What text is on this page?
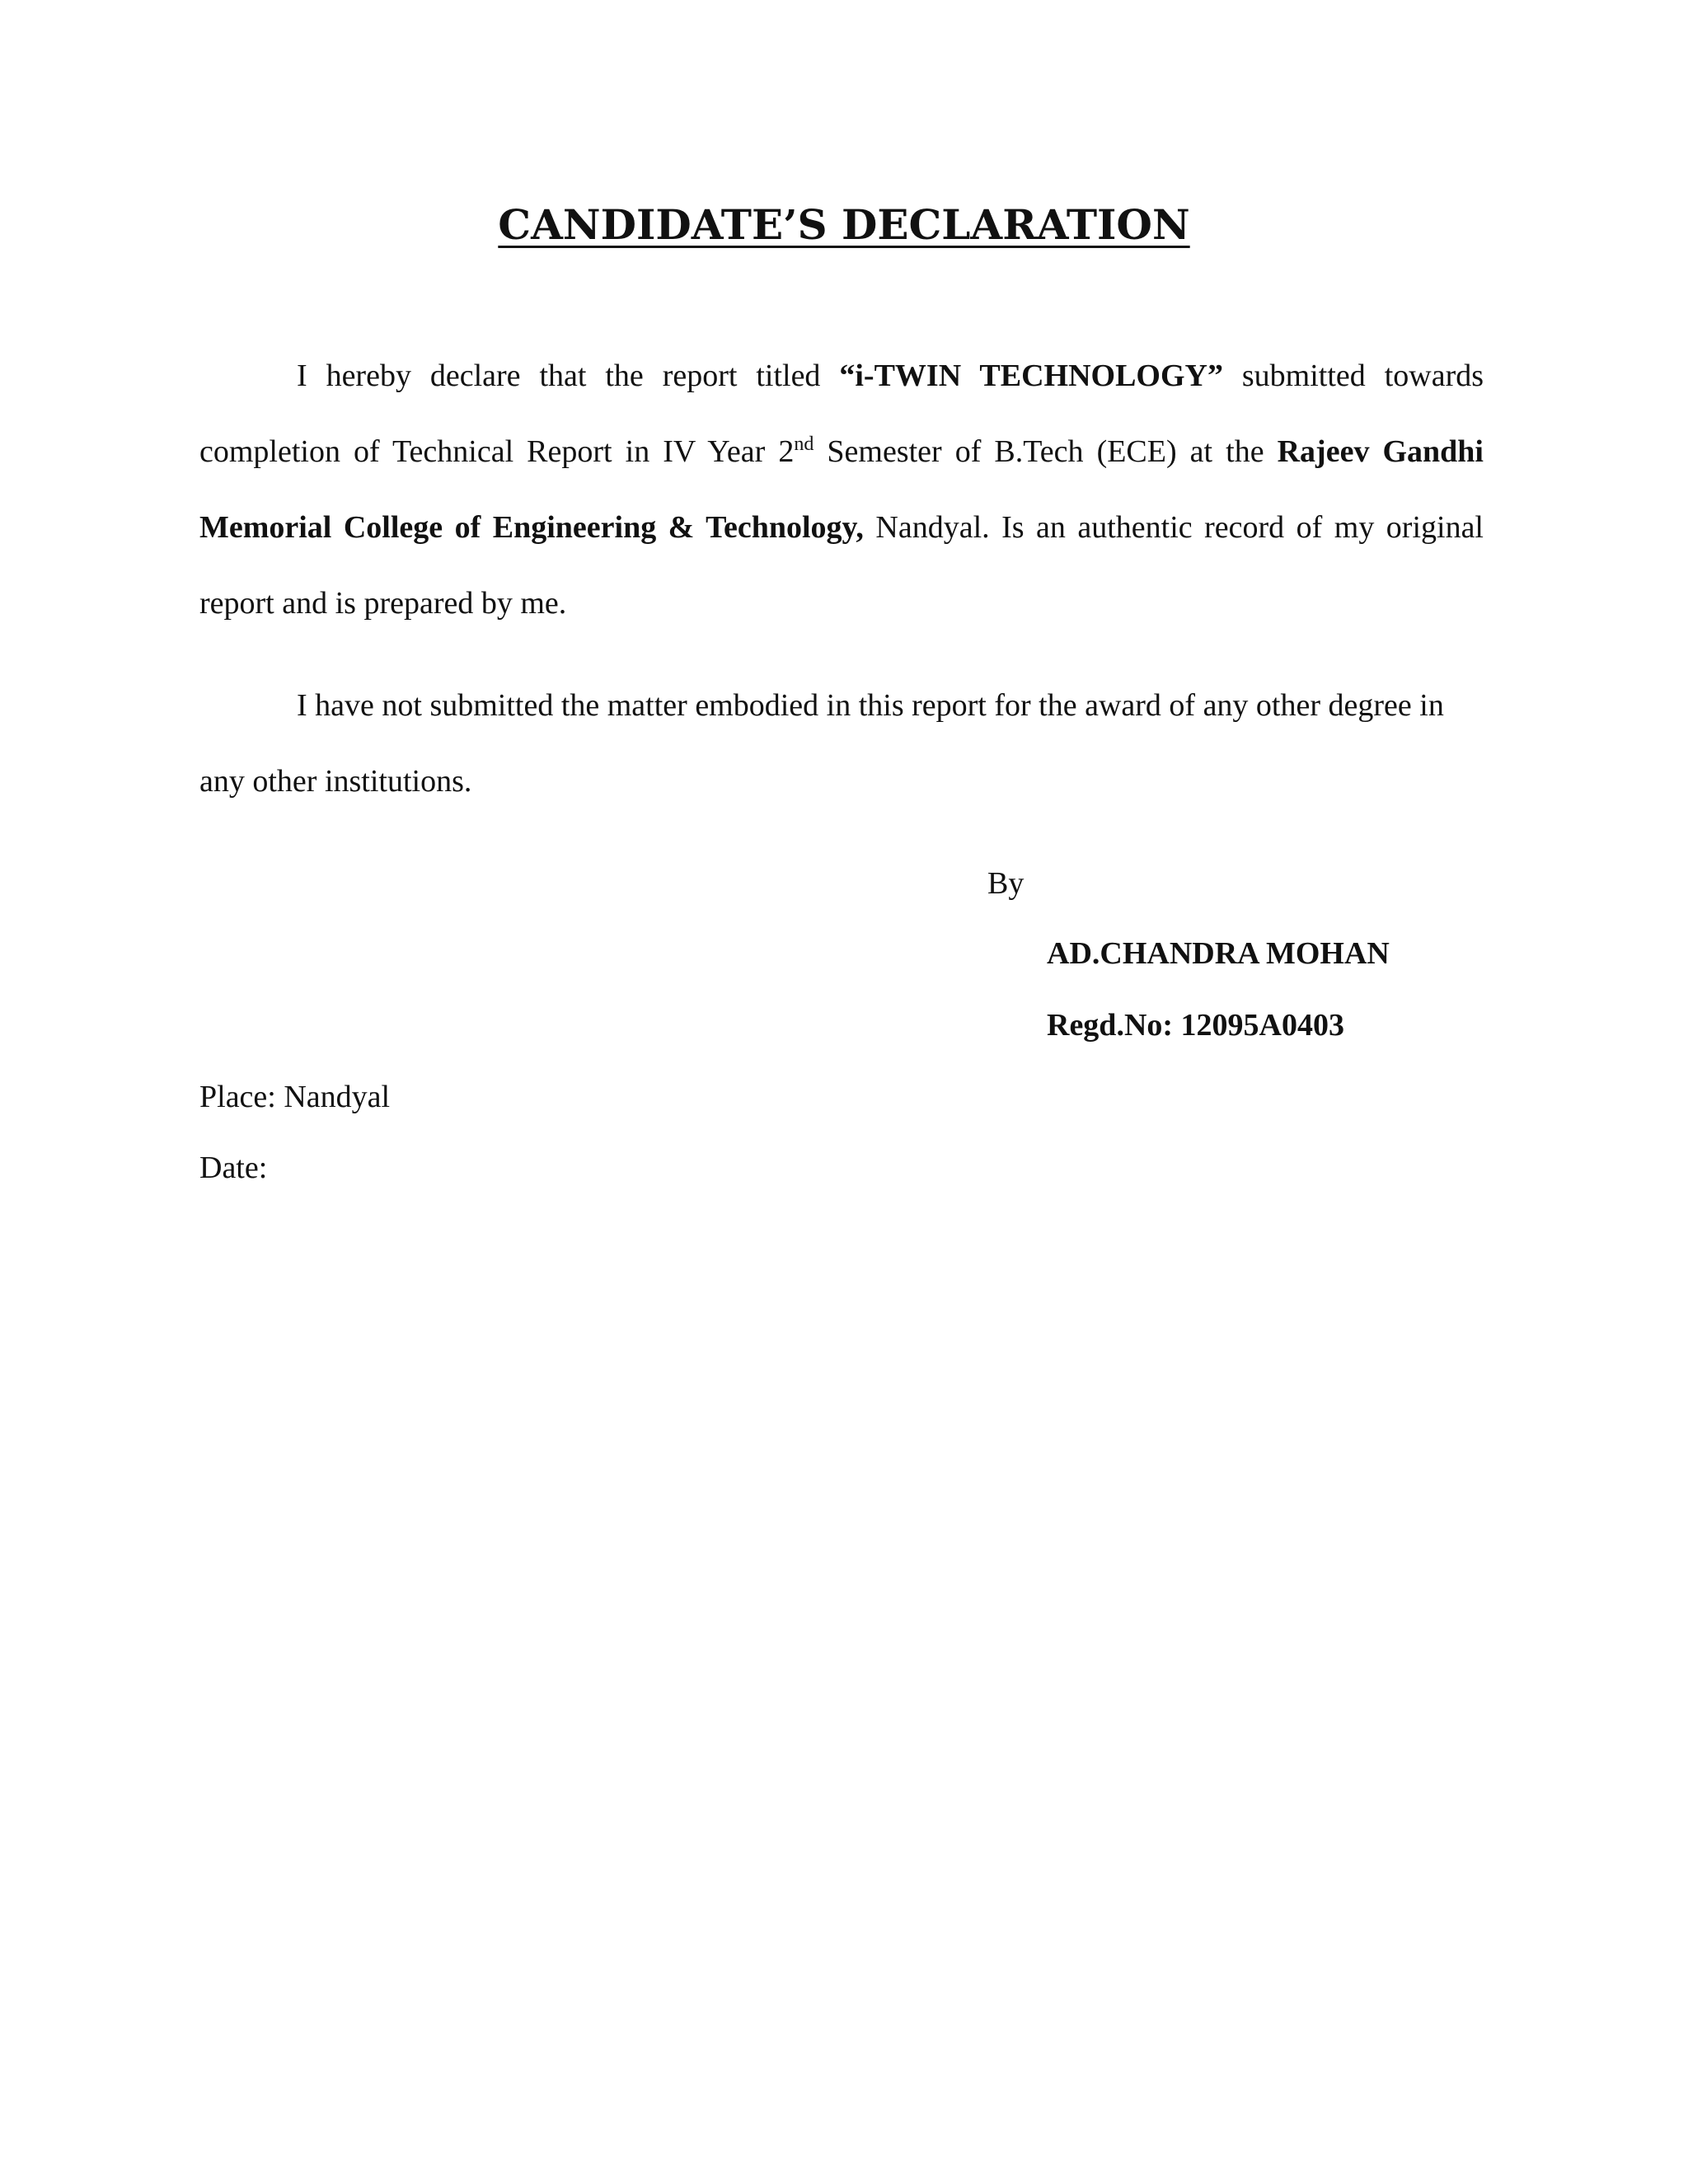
CANDIDATE’S DECLARATION

I hereby declare that the report titled “i-TWIN TECHNOLOGY” submitted towards completion of Technical Report in IV Year 2nd Semester of B.Tech (ECE) at the Rajeev Gandhi Memorial College of Engineering & Technology, Nandyal. Is an authentic record of my original report and is prepared by me.

I have not submitted the matter embodied in this report for the award of any other degree in any other institutions.

By
AD.CHANDRA MOHAN
Regd.No: 12095A0403
Place: Nandyal
Date:
